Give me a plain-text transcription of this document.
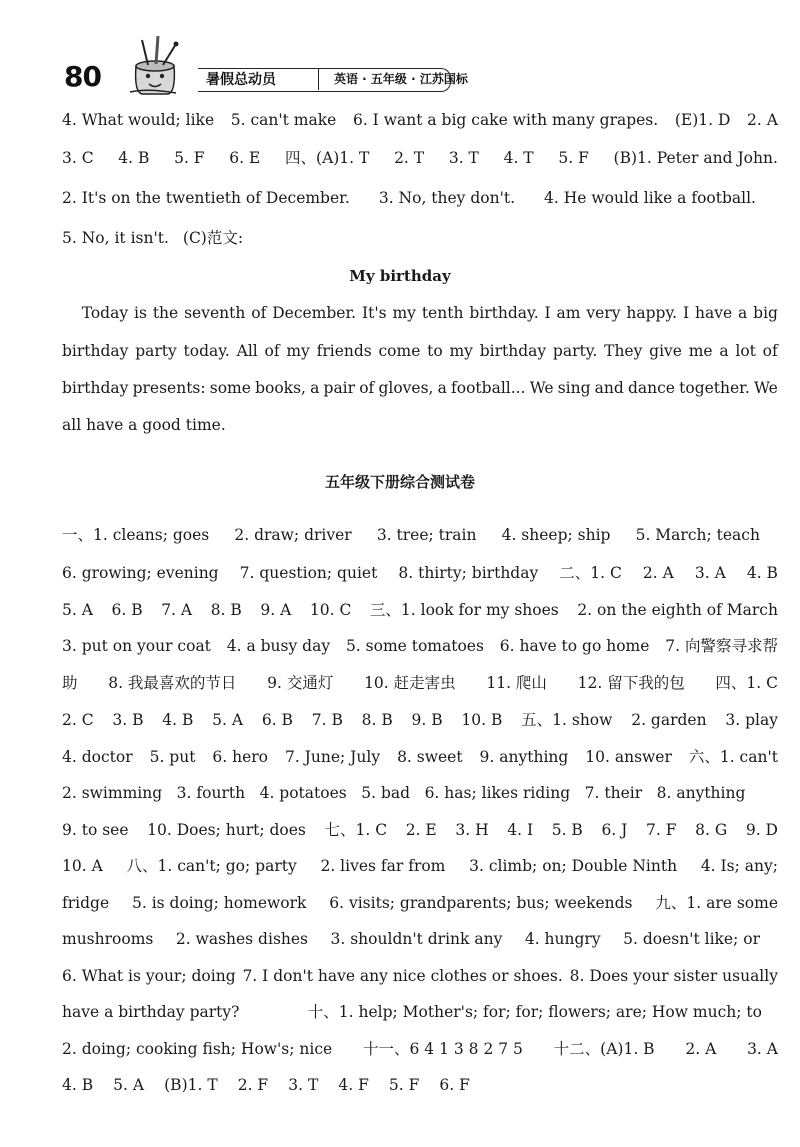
80	暑假总动员	英语 · 五年级 · 江苏国标
4. What would; like 5. can't make 6. I want a big cake with many grapes. (E)1. D 2. A
3. C 4. B 5. F 6. E 四、(A)1. T 2. T 3. T 4. T 5. F (B)1. Peter and John.
2. It's on the twentieth of December. 3. No, they don't. 4. He would like a football.
5. No, it isn't. (C)范文:
My birthday
Today is the seventh of December. It's my tenth birthday. I am very happy. I have a big
birthday party today. All of my friends come to my birthday party. They give me a lot of
birthday presents: some books, a pair of gloves, a football... We sing and dance together. We
all have a good time.
五年级下册综合测试卷
一、1. cleans; goes 2. draw; driver 3. tree; train 4. sheep; ship 5. March; teach
6. growing; evening 7. question; quiet 8. thirty; birthday 二、1. C 2. A 3. A 4. B
5. A 6. B 7. A 8. B 9. A 10. C 三、1. look for my shoes 2. on the eighth of March
3. put on your coat 4. a busy day 5. some tomatoes 6. have to go home 7. 向警察寻求帮
助 8. 我最喜欢的节日 9. 交通灯 10. 赶走害虫 11. 爬山 12. 留下我的包 四、1. C
2. C 3. B 4. B 5. A 6. B 7. B 8. B 9. B 10. B 五、1. show 2. garden 3. play
4. doctor 5. put 6. hero 7. June; July 8. sweet 9. anything 10. answer 六、1. can't
2. swimming 3. fourth 4. potatoes 5. bad 6. has; likes riding 7. their 8. anything
9. to see 10. Does; hurt; does 七、1. C 2. E 3. H 4. I 5. B 6. J 7. F 8. G 9. D
10. A 八、1. can't; go; party 2. lives far from 3. climb; on; Double Ninth 4. Is; any;
fridge 5. is doing; homework 6. visits; grandparents; bus; weekends 九、1. are some
mushrooms 2. washes dishes 3. shouldn't drink any 4. hungry 5. doesn't like; or
6. What is your; doing 7. I don't have any nice clothes or shoes. 8. Does your sister usually
have a birthday party?	十、1. help; Mother's; for; for; flowers; are; How much; to
2. doing; cooking fish; How's; nice 十一、6 4 1 3 8 2 7 5 十二、(A)1. B 2. A 3. A
4. B 5. A (B)1. T 2. F 3. T 4. F 5. F 6. F
